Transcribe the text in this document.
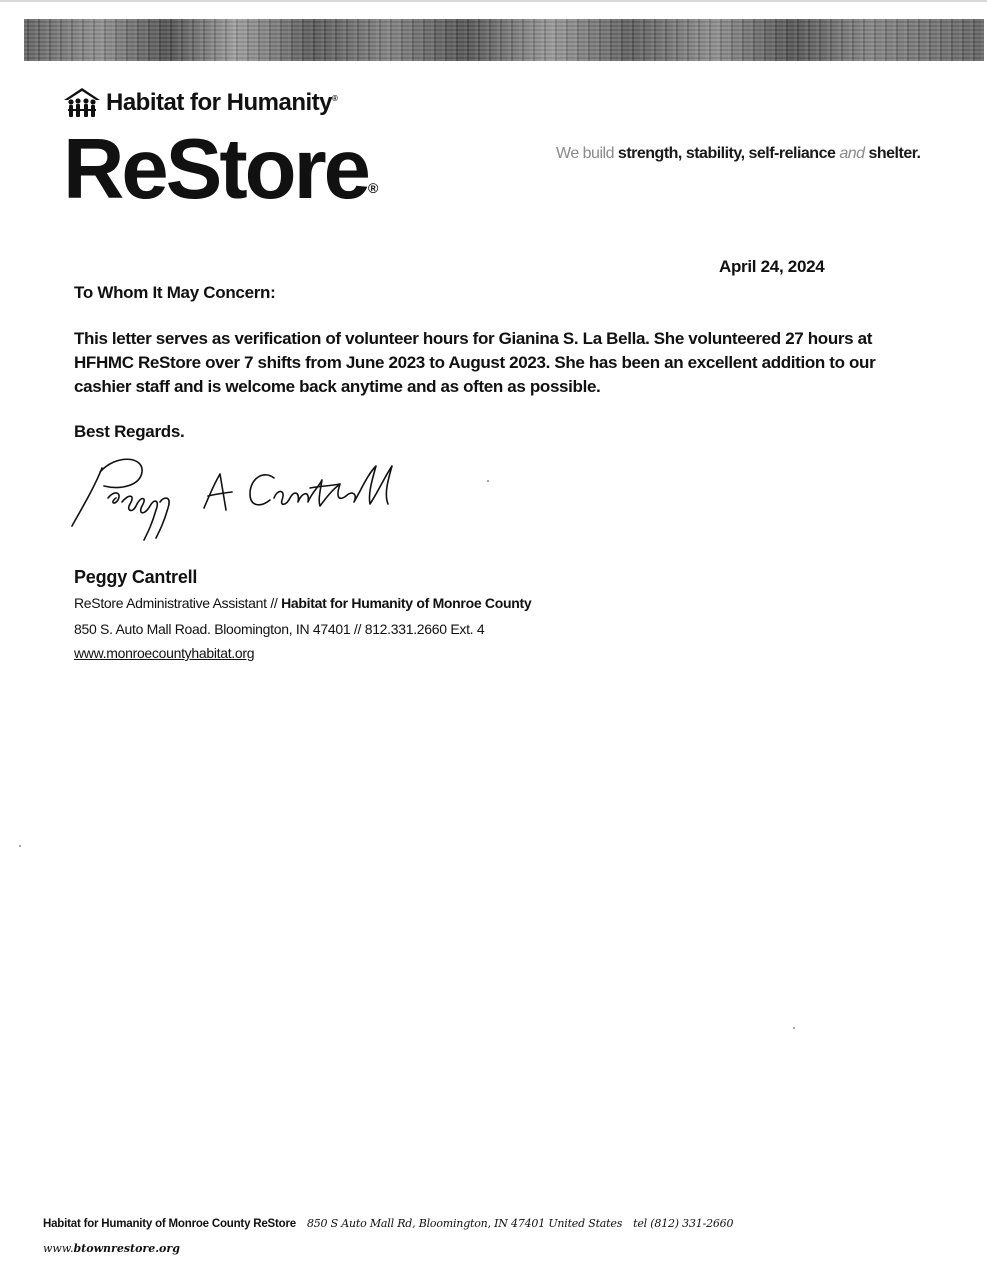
Habitat for Humanity®
ReStore®
We build strength, stability, self-reliance and shelter.
April 24, 2024
To Whom It May Concern:
This letter serves as verification of volunteer hours for Gianina S. La Bella. She volunteered 27 hours at HFHMC ReStore over 7 shifts from June 2023 to August 2023. She has been an excellent addition to our cashier staff and is welcome back anytime and as often as possible.
Best Regards.
Peggy Cantrell
ReStore Administrative Assistant // Habitat for Humanity of Monroe County
850 S. Auto Mall Road. Bloomington, IN 47401 // 812.331.2660 Ext. 4
www.monroecountyhabitat.org
Habitat for Humanity of Monroe County ReStore 850 S Auto Mall Rd, Bloomington, IN 47401 United States tel (812) 331-2660
www.btownrestore.org
